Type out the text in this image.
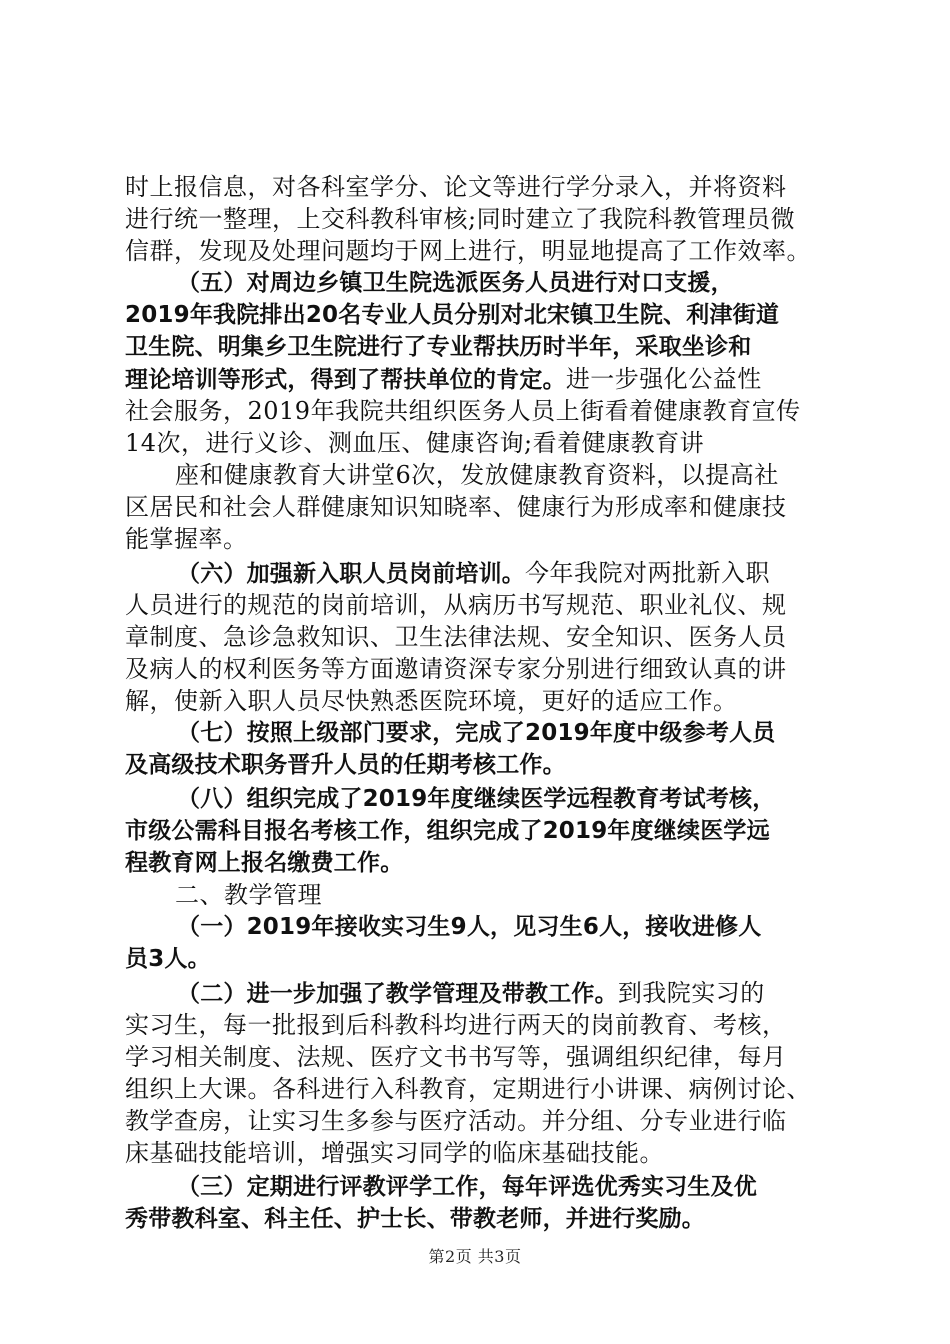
时上报信息，对各科室学分、论文等进行学分录入，并将资料
进行统一整理，上交科教科审核;同时建立了我院科教管理员微
信群，发现及处理问题均于网上进行，明显地提高了工作效率。
（五）对周边乡镇卫生院选派医务人员进行对口支援，
2019年我院排出20名专业人员分别对北宋镇卫生院、利津街道
卫生院、明集乡卫生院进行了专业帮扶历时半年，采取坐诊和
理论培训等形式，得到了帮扶单位的肯定。进一步强化公益性
社会服务，2019年我院共组织医务人员上街看着健康教育宣传
14次，进行义诊、测血压、健康咨询;看着健康教育讲
座和健康教育大讲堂6次，发放健康教育资料，以提高社
区居民和社会人群健康知识知晓率、健康行为形成率和健康技
能掌握率。
（六）加强新入职人员岗前培训。今年我院对两批新入职
人员进行的规范的岗前培训，从病历书写规范、职业礼仪、规
章制度、急诊急救知识、卫生法律法规、安全知识、医务人员
及病人的权利医务等方面邀请资深专家分别进行细致认真的讲
解，使新入职人员尽快熟悉医院环境，更好的适应工作。
（七）按照上级部门要求，完成了2019年度中级参考人员
及高级技术职务晋升人员的任期考核工作。
（八）组织完成了2019年度继续医学远程教育考试考核，
市级公需科目报名考核工作，组织完成了2019年度继续医学远
程教育网上报名缴费工作。
二、教学管理
（一）2019年接收实习生9人，见习生6人，接收进修人
员3人。
（二）进一步加强了教学管理及带教工作。到我院实习的
实习生，每一批报到后科教科均进行两天的岗前教育、考核，
学习相关制度、法规、医疗文书书写等，强调组织纪律，每月
组织上大课。各科进行入科教育，定期进行小讲课、病例讨论、
教学查房，让实习生多参与医疗活动。并分组、分专业进行临
床基础技能培训，增强实习同学的临床基础技能。
（三）定期进行评教评学工作，每年评选优秀实习生及优
秀带教科室、科主任、护士长、带教老师，并进行奖励。
第2页 共3页
